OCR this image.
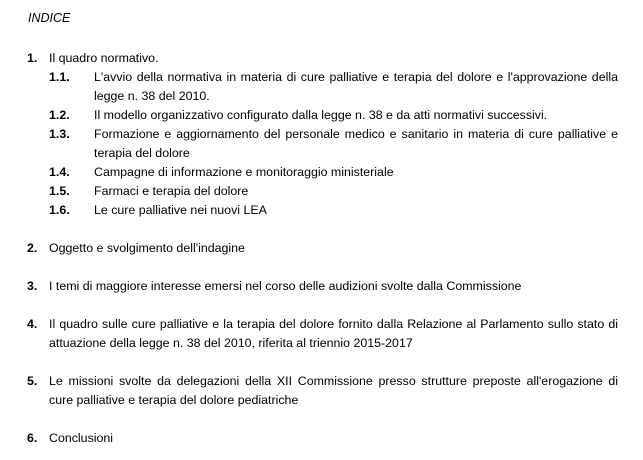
INDICE
1. Il quadro normativo.
1.1. L'avvio della normativa in materia di cure palliative e terapia del dolore e l'approvazione della legge n. 38 del 2010.
1.2. Il modello organizzativo configurato dalla legge n. 38 e da atti normativi successivi.
1.3. Formazione e aggiornamento del personale medico e sanitario in materia di cure palliative e terapia del dolore
1.4. Campagne di informazione e monitoraggio ministeriale
1.5. Farmaci e terapia del dolore
1.6. Le cure palliative nei nuovi LEA
2. Oggetto e svolgimento dell'indagine
3. I temi di maggiore interesse emersi nel corso delle audizioni svolte dalla Commissione
4. Il quadro sulle cure palliative e la terapia del dolore fornito dalla Relazione al Parlamento sullo stato di attuazione della legge n. 38 del 2010, riferita al triennio 2015-2017
5. Le missioni svolte da delegazioni della XII Commissione presso strutture preposte all'erogazione di cure palliative e terapia del dolore pediatriche
6. Conclusioni
